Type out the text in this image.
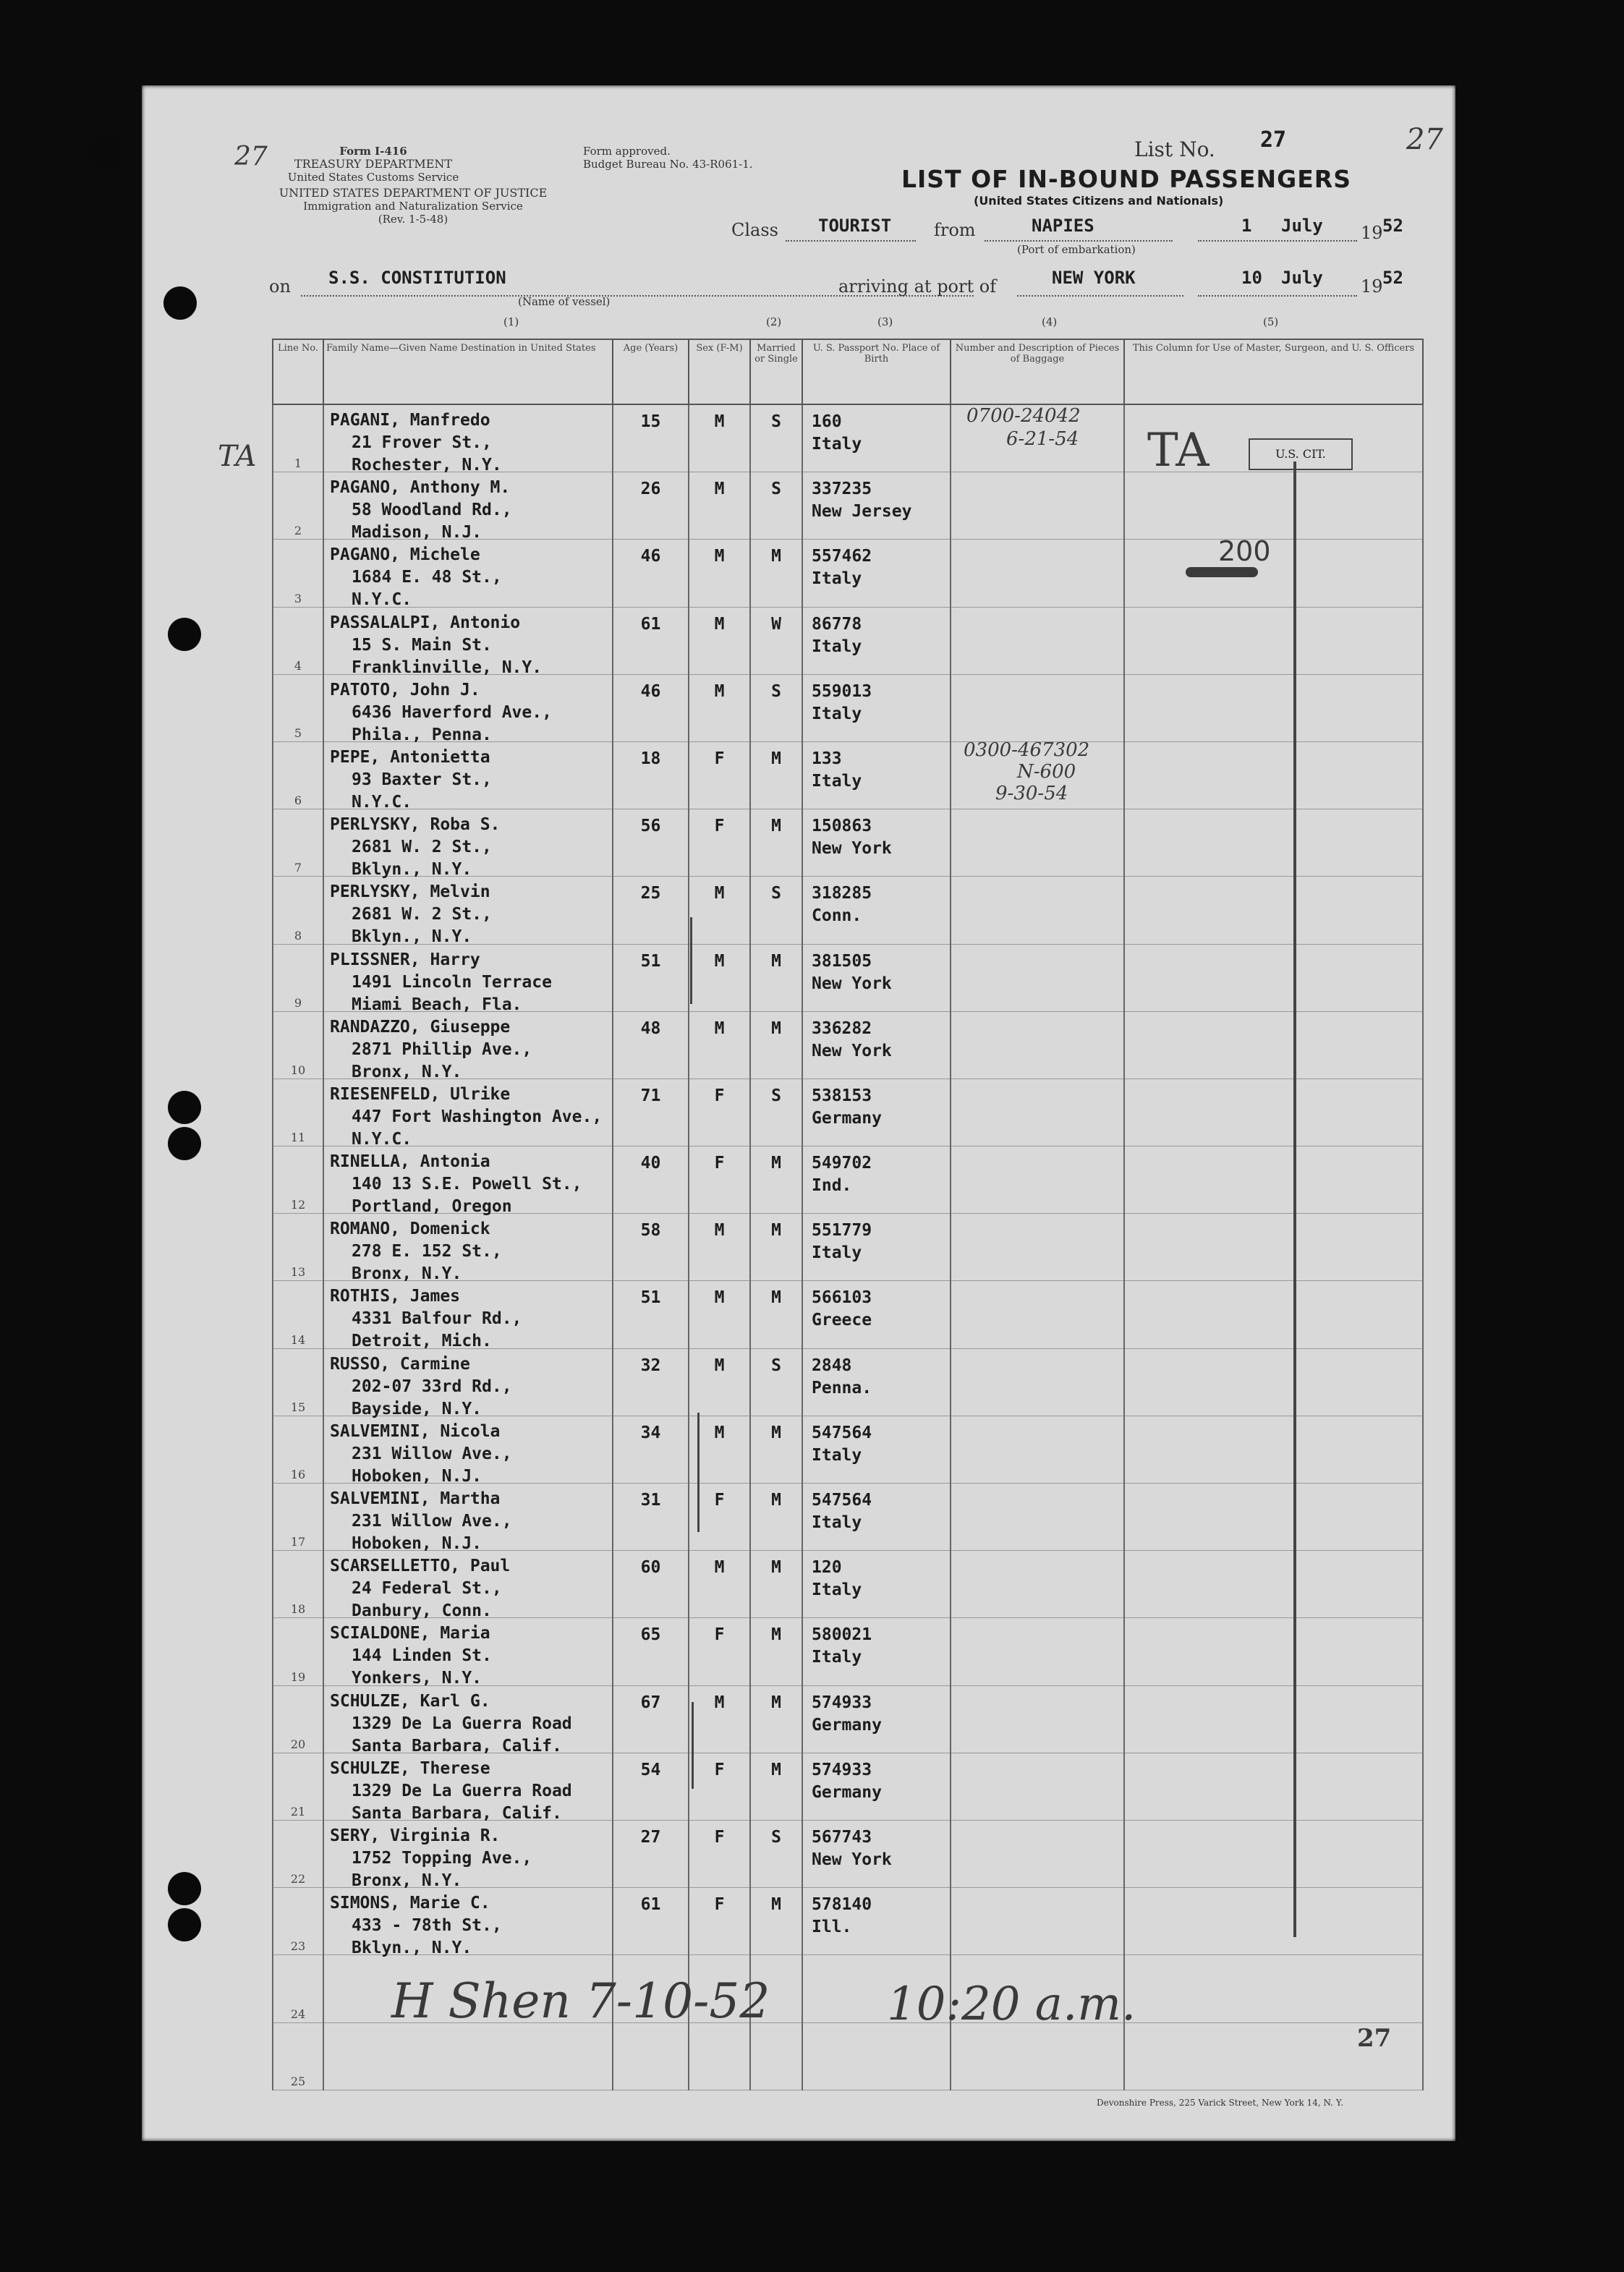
27	Form I-416
TREASURY DEPARTMENT
United States Customs Service
UNITED STATES DEPARTMENT OF JUSTICE
Immigration and Naturalization Service
(Rev. 1-5-48)
Form approved.
Budget Bureau No. 43-R061-1.
List No. 27	27
LIST OF IN-BOUND PASSENGERS
(United States Citizens and Nationals)
Class TOURIST from	NAPIES
(Port of embarkation)
1 July 19 52
on S.S. CONSTITUTION
(Name of vessel)
arriving at port of	NEW YORK	10 July 19 52
(1)	(2)	(3)	(4)	(5)
Line No.	Family Name—Given Name Destination in United States	Age (Years)	Sex (F-M)	Married or Single	U. S. Passport No. Place of Birth	Number and Description of Pieces of Baggage	This Column for Use of Master, Surgeon, and U. S. Officers

1	PAGANI, Manfredo
21 Frover St.,
Rochester, N.Y.	15	M	S	160
Italy		

2	PAGANO, Anthony M.
58 Woodland Rd.,
Madison, N.J.	26	M	S	337235
New Jersey		

3	PAGANO, Michele
1684 E. 48 St.,
N.Y.C.	46	M	M	557462
Italy		

4	PASSALALPI, Antonio
15 S. Main St.
Franklinville, N.Y.	61	M	W	86778
Italy		

5	PATOTO, John J.
6436 Haverford Ave.,
Phila., Penna.	46	M	S	559013
Italy		

6	PEPE, Antonietta
93 Baxter St.,
N.Y.C.	18	F	M	133
Italy		

7	PERLYSKY, Roba S.
2681 W. 2 St.,
Bklyn., N.Y.	56	F	M	150863
New York		

8	PERLYSKY, Melvin
2681 W. 2 St.,
Bklyn., N.Y.	25	M	S	318285
Conn.		

9	PLISSNER, Harry
1491 Lincoln Terrace
Miami Beach, Fla.	51	M	M	381505
New York		

10	RANDAZZO, Giuseppe
2871 Phillip Ave.,
Bronx, N.Y.	48	M	M	336282
New York		

11	RIESENFELD, Ulrike
447 Fort Washington Ave.,
N.Y.C.	71	F	S	538153
Germany		

12	RINELLA, Antonia
140 13 S.E. Powell St.,
Portland, Oregon	40	F	M	549702
Ind.		

13	ROMANO, Domenick
278 E. 152 St.,
Bronx, N.Y.	58	M	M	551779
Italy		

14	ROTHIS, James
4331 Balfour Rd.,
Detroit, Mich.	51	M	M	566103
Greece		

15	RUSSO, Carmine
202-07 33rd Rd.,
Bayside, N.Y.	32	M	S	2848
Penna.		

16	SALVEMINI, Nicola
231 Willow Ave.,
Hoboken, N.J.	34	M	M	547564
Italy		

17	SALVEMINI, Martha
231 Willow Ave.,
Hoboken, N.J.	31	F	M	547564
Italy		

18	SCARSELLETTO, Paul
24 Federal St.,
Danbury, Conn.	60	M	M	120
Italy		

19	SCIALDONE, Maria
144 Linden St.
Yonkers, N.Y.	65	F	M	580021
Italy		

20	SCHULZE, Karl G.
1329 De La Guerra Road
Santa Barbara, Calif.	67	M	M	574933
Germany		

21	SCHULZE, Therese
1329 De La Guerra Road
Santa Barbara, Calif.	54	F	M	574933
Germany		

22	SERY, Virginia R.
1752 Topping Ave.,
Bronx, N.Y.	27	F	S	567743
New York		

23	SIMONS, Marie C.
433 - 78th St.,
Bklyn., N.Y.	61	F	M	578140
Ill.		

24							

25							

0700-24042
6-21-54
0300-467302
N-600
9-30-54
TA	TA	U.S. CIT.
200
H Shen 7-10-52	10:20 a.m.
27
Devonshire Press, 225 Varick Street, New York 14, N. Y.
